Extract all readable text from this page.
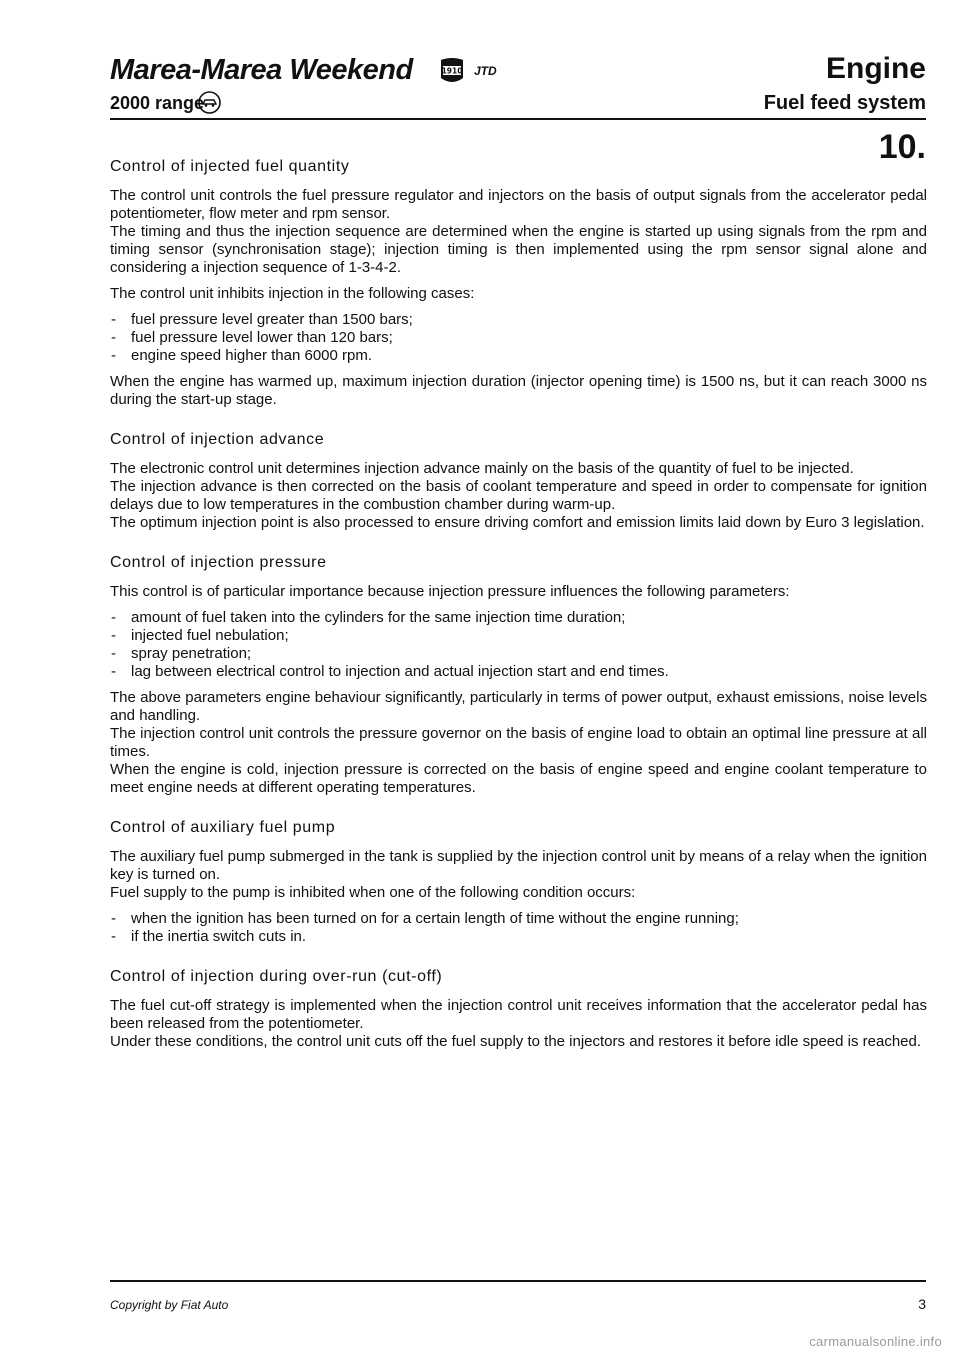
Marea-Marea Weekend	1910 JTD
2000 range
Engine
Fuel feed system
10.
Control of injected fuel quantity
The control unit controls the fuel pressure regulator and injectors on the basis of output signals from the accelerator pedal potentiometer, flow meter and rpm sensor.
The timing and thus the injection sequence are determined when the engine is started up using signals from the rpm and timing sensor (synchronisation stage); injection timing is then implemented using the rpm sensor signal alone and considering a injection sequence of 1-3-4-2.
The control unit inhibits injection in the following cases:
- fuel pressure level greater than 1500 bars;
- fuel pressure level lower than 120 bars;
- engine speed higher than 6000 rpm.
When the engine has warmed up, maximum injection duration (injector opening time) is 1500 ns, but it can reach 3000 ns during the start-up stage.
Control of injection advance
The electronic control unit determines injection advance mainly on the basis of the quantity of fuel to be injected.
The injection advance is then corrected on the basis of coolant temperature and speed in order to compensate for ignition delays due to low temperatures in the combustion chamber during warm-up.
The optimum injection point is also processed to ensure driving comfort and emission limits laid down by Euro 3 legislation.
Control of injection pressure
This control is of particular importance because injection pressure influences the following parameters:
- amount of fuel taken into the cylinders for the same injection time duration;
- injected fuel nebulation;
- spray penetration;
- lag between electrical control to injection and actual injection start and end times.
The above parameters engine behaviour significantly, particularly in terms of power output, exhaust emissions, noise levels and handling.
The injection control unit controls the pressure governor on the basis of engine load to obtain an optimal line pressure at all times.
When the engine is cold, injection pressure is corrected on the basis of engine speed and engine coolant temperature to meet engine needs at different operating temperatures.
Control of auxiliary fuel pump
The auxiliary fuel pump submerged in the tank is supplied by the injection control unit by means of a relay when the ignition key is turned on.
Fuel supply to the pump is inhibited when one of the following condition occurs:
- when the ignition has been turned on for a certain length of time without the engine running;
- if the inertia switch cuts in.
Control of injection during over-run (cut-off)
The fuel cut-off strategy is implemented when the injection control unit receives information that the accelerator pedal has been released from the potentiometer.
Under these conditions, the control unit cuts off the fuel supply to the injectors and restores it before idle speed is reached.
Copyright by Fiat Auto	3
carmanualsonline.info
